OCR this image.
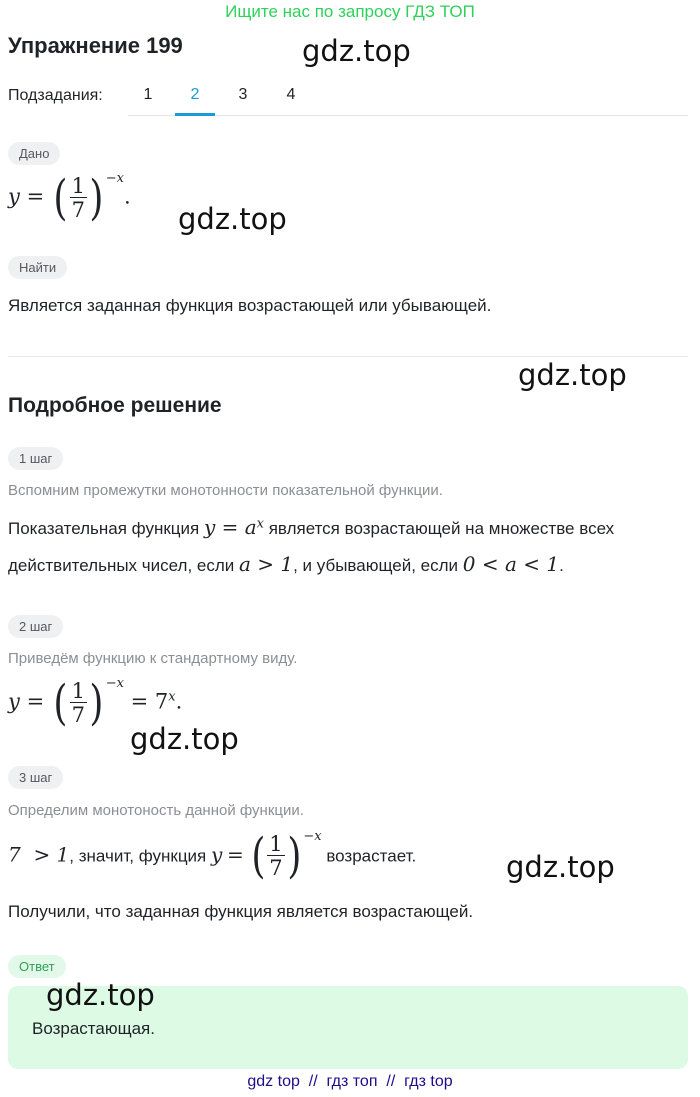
Ищите нас по запросу ГДЗ ТОП
Упражнение 199	gdz.top
Подзадания:	1	2	3	4
Дано
y = ( $\frac{1}{7}$ ) $^{-x}$.
gdz.top
Найти
Является заданная функция возрастающей или убывающей.
gdz.top
Подробное решение
1 шаг
Вспомним промежутки монотонности показательной функции.
Показательная функция $y = a^x$ является возрастающей на множестве всех
действительных чисел, если a > 1, и убывающей, если 0 < a < 1.
2 шаг
Приведём функцию к стандартному виду.
y = ( $\frac{1}{7}$ ) $^{-x} = 7^x$.
gdz.top
3 шаг
Определим монотоность данной функции.
7  > 1, значит, функция y = ( $\frac{1}{7}$ ) $^{-x}$ возрастает.	gdz.top
Получили, что заданная функция является возрастающей.
Ответ
Возрастающая.
gdz.top
gdz top  //  гдз топ  //  гдз top
